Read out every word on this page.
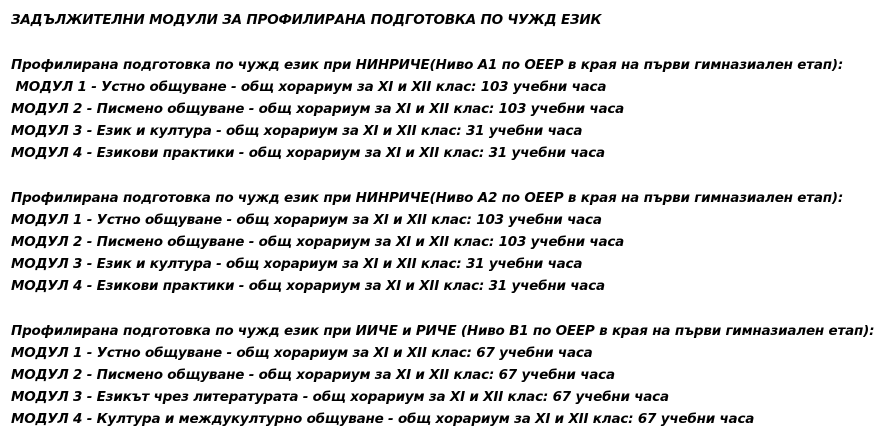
ЗАДЪЛЖИТЕЛНИ МОДУЛИ ЗА ПРОФИЛИРАНА ПОДГОТОВКА ПО ЧУЖД ЕЗИК
Профилирана подготовка по чужд език при НИНРИЧЕ(Ниво А1 по ОЕЕР в края на първи гимназиален етап):
МОДУЛ 1 - Устно общуване - общ хорариум за XI и XII клас: 103 учебни часа
МОДУЛ 2 - Писмено общуване - общ хорариум за XI и XII клас: 103 учебни часа
МОДУЛ 3 - Език и култура - общ хорариум за XI и XII клас: 31 учебни часа
МОДУЛ 4 - Езикови практики - общ хорариум за XI и XII клас: 31 учебни часа
Профилирана подготовка по чужд език при НИНРИЧЕ(Ниво А2 по ОЕЕР в края на първи гимназиален етап):
МОДУЛ 1 - Устно общуване - общ хорариум за XI и XII клас: 103 учебни часа
МОДУЛ 2 - Писмено общуване - общ хорариум за XI и XII клас: 103 учебни часа
МОДУЛ 3 - Език и култура - общ хорариум за XI и XII клас: 31 учебни часа
МОДУЛ 4 - Езикови практики - общ хорариум за XI и XII клас: 31 учебни часа
Профилирана подготовка по чужд език при ИИЧЕ и РИЧЕ (Ниво В1 по ОЕЕР в края на първи гимназиален етап):
МОДУЛ 1 - Устно общуване - общ хорариум за XI и XII клас: 67 учебни часа
МОДУЛ 2 - Писмено общуване - общ хорариум за XI и XII клас: 67 учебни часа
МОДУЛ 3 - Езикът чрез литературата - общ хорариум за XI и XII клас: 67 учебни часа
МОДУЛ 4 - Култура и междукултурно общуване - общ хорариум за XI и XII клас: 67 учебни часа
